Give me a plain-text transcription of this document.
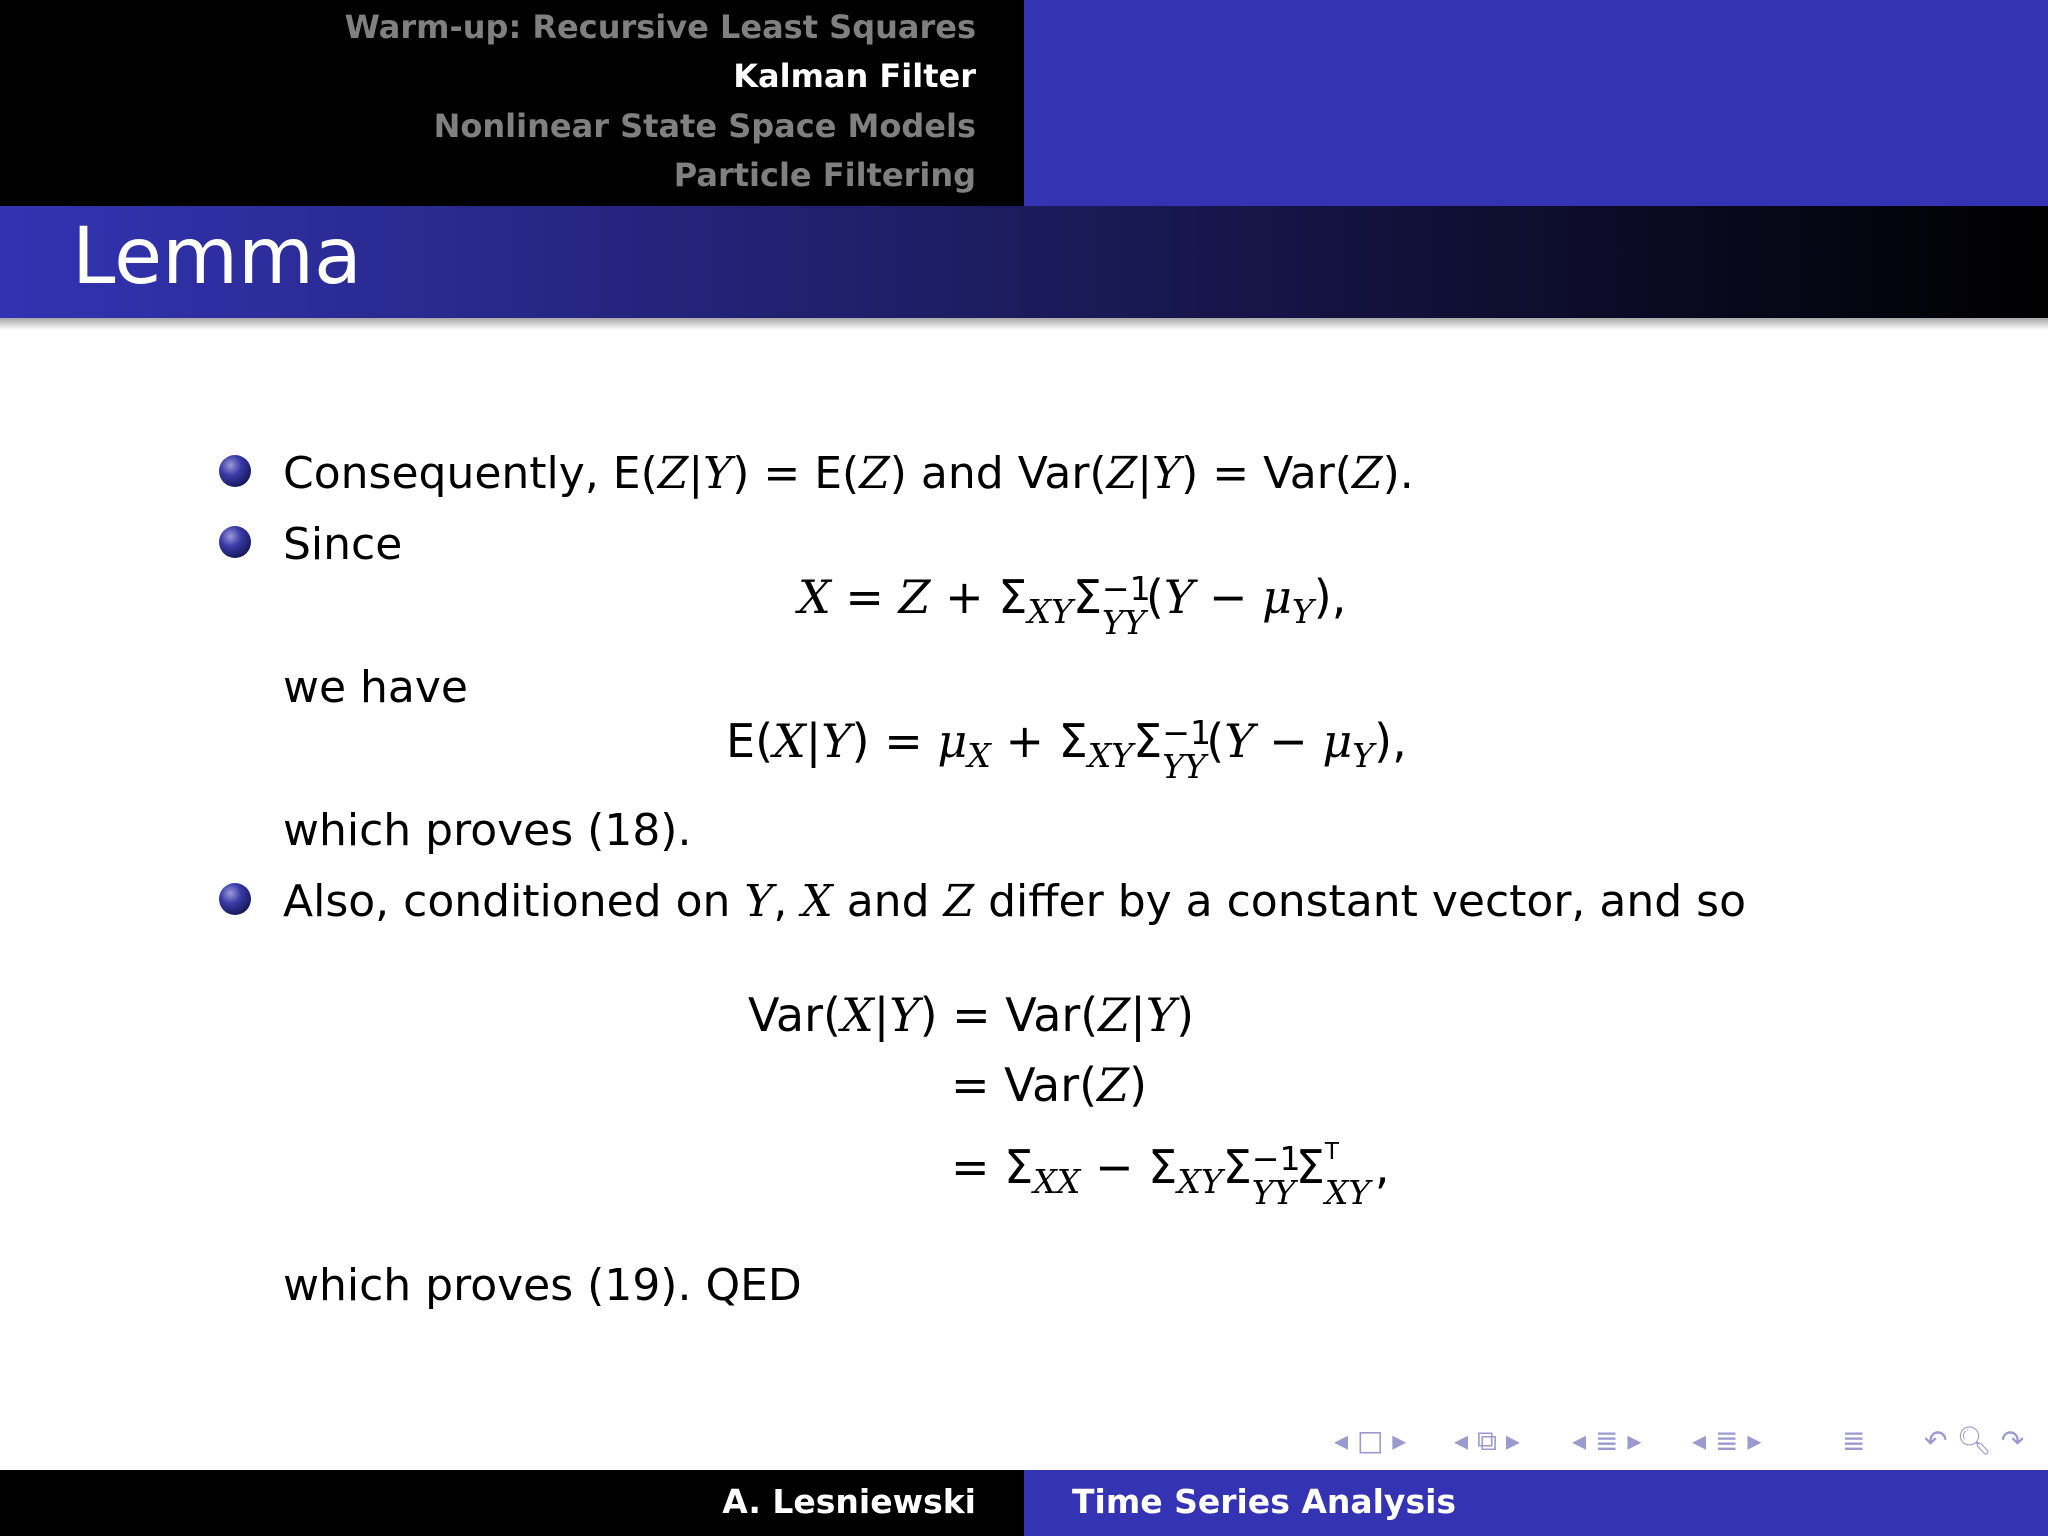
Warm-up: Recursive Least Squares
Kalman Filter
Nonlinear State Space Models
Particle Filtering
Lemma
Consequently, E(Z|Y) = E(Z) and Var(Z|Y) = Var(Z).
Since
$X = Z + \Sigma_{XY}\Sigma -1$
YY $(Y - \mu_Y)$,
we have
$E(X|Y) = \mu_X + \Sigma_{XY}\Sigma -1$
YY $(Y - \mu_Y)$,
which proves (18).
Also, conditioned on Y, X and Z differ by a constant vector, and so
Var(X|Y) = Var(Z|Y)
= Var(Z)
= $\Sigma_{XX} - \Sigma_{XY}\Sigma -1$
YY Σ T
XY ,
which proves (19). QED
◂ □ ▸ ◂ ⧉ ▸ ◂ ≣ ▸ ◂ ≣ ▸	≣ ↶ 🔍︎ ↷
A. Lesniewski	Time Series Analysis
